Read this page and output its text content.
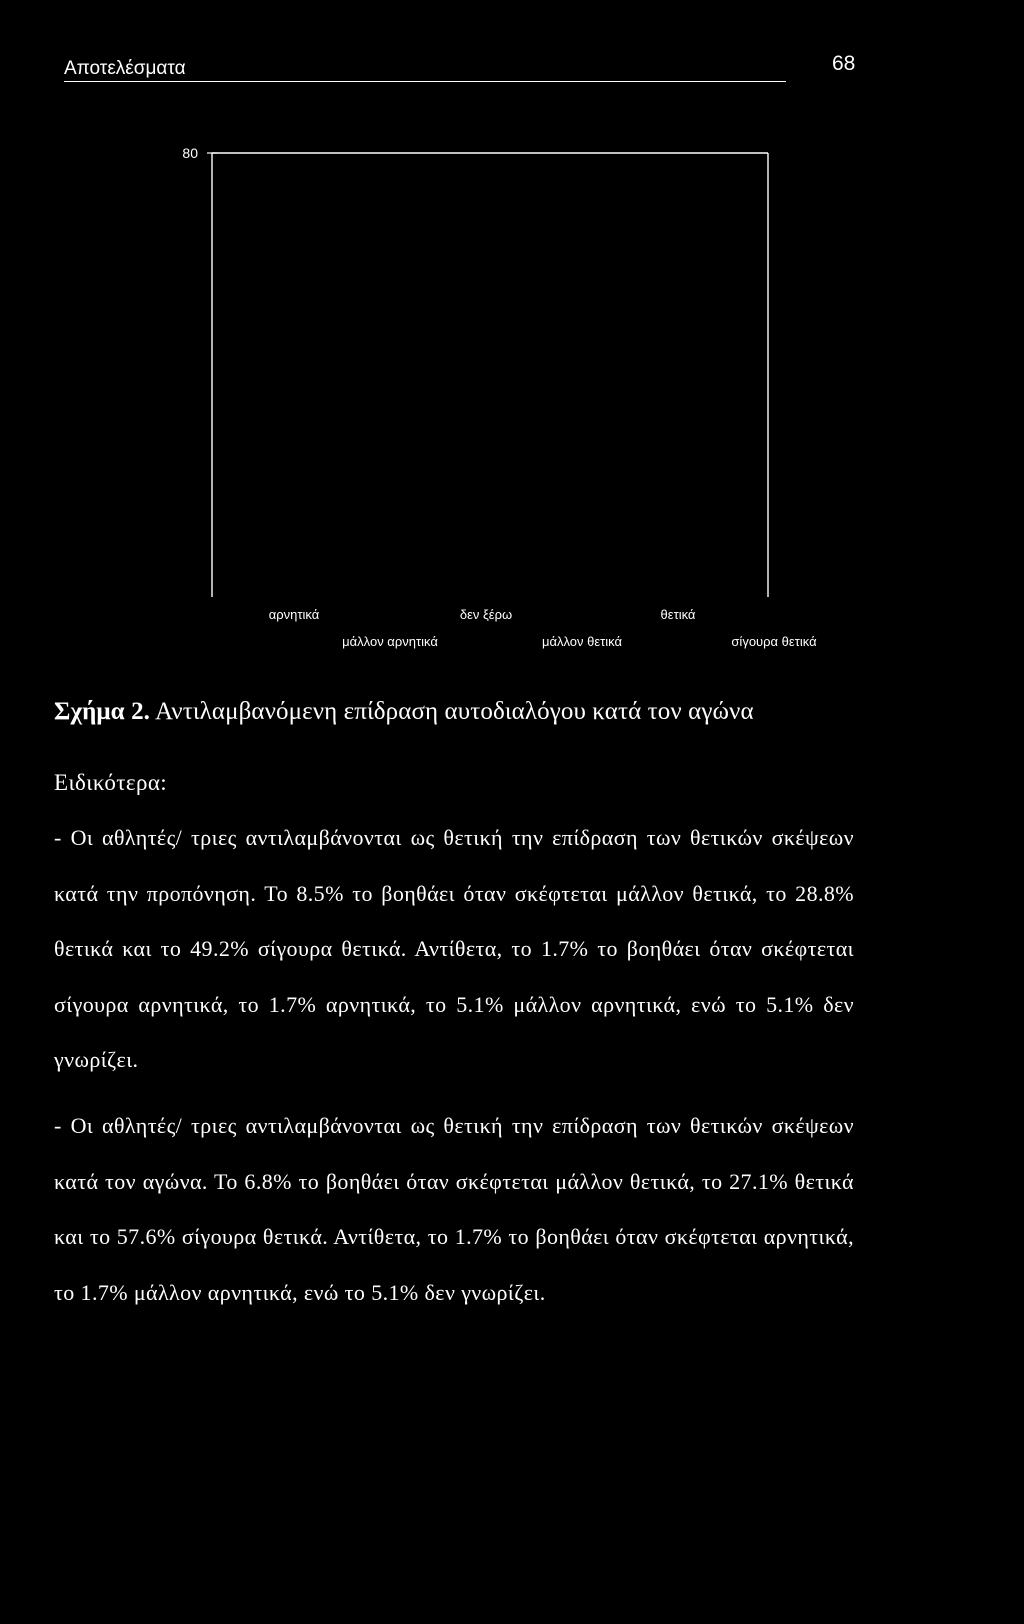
Αποτελέσματα	68
80
αρνητικά
μάλλον αρνητικά
δεν ξέρω
μάλλον θετικά
θετικά
σίγουρα θετικά
Σχήμα 2. Αντιλαμβανόμενη επίδραση αυτοδιαλόγου κατά τον αγώνα
Ειδικότερα:
- Οι αθλητές/ τριες αντιλαμβάνονται ως θετική την επίδραση των θετικών σκέψεων κατά την προπόνηση. Το 8.5% το βοηθάει όταν σκέφτεται μάλλον θετικά, το 28.8% θετικά και το 49.2% σίγουρα θετικά. Αντίθετα, το 1.7% το βοηθάει όταν σκέφτεται σίγουρα αρνητικά, το 1.7% αρνητικά, το 5.1% μάλλον αρνητικά, ενώ το 5.1% δεν γνωρίζει.
- Οι αθλητές/ τριες αντιλαμβάνονται ως θετική την επίδραση των θετικών σκέψεων κατά τον αγώνα. Το 6.8% το βοηθάει όταν σκέφτεται μάλλον θετικά, το 27.1% θετικά και το 57.6% σίγουρα θετικά. Αντίθετα, το 1.7% το βοηθάει όταν σκέφτεται αρνητικά, το 1.7% μάλλον αρνητικά, ενώ το 5.1% δεν γνωρίζει.
